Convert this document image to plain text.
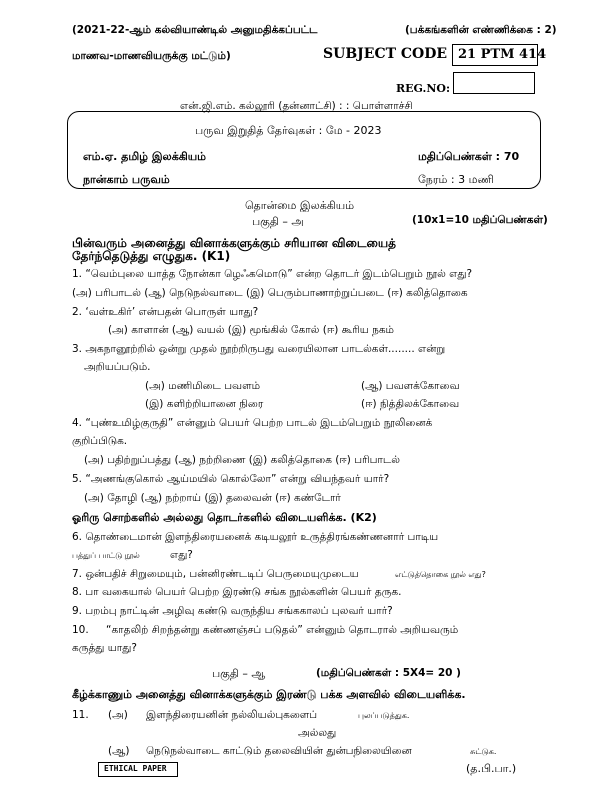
(2021-22-ஆம் கல்வியாண்டில் அனுமதிக்கப்பட்ட	(பக்கங்களின் எண்ணிக்கை : 2)
மாணவ-மாணவியருக்கு மட்டும்)	SUBJECT CODE 21 PTM 414
REG.NO:
என்.ஜி.எம். கல்லூரி (தன்னாட்சி) : : பொள்ளாச்சி
பருவ இறுதித் தேர்வுகள் : மே - 2023
எம்.ஏ. தமிழ் இலக்கியம்	மதிப்பெண்கள் : 70
நான்காம் பருவம்	நேரம் : 3 மணி
தொன்மை இலக்கியம்
பகுதி – அ	(10x1=10 மதிப்பெண்கள்)
பின்வரும் அனைத்து வினாக்களுக்கும் சரியான விடையைத்
தேர்ந்தெடுத்து எழுதுக. (K1)
1. “வெம்புலை யாத்த நோன்கா ழெஃகமொடு” என்ற தொடர் இடம்பெறும் நூல் எது?
(அ) பரிபாடல் (ஆ) நெடுநல்வாடை (இ) பெரும்பாணாற்றுப்படை (ஈ) கலித்தொகை
2. ‘வள்உகிர்’ என்பதன் பொருள் யாது?
(அ) காளான் (ஆ) வயல் (இ) மூங்கில் கோல் (ஈ) கூரிய நகம்
3. அகநானூற்றில் ஒன்று முதல் நூற்றிருபது வரையிலான பாடல்கள்........ என்று
அறியப்படும்.
(அ) மணிமிடை பவளம்	(ஆ) பவளக்கோவை
(இ) களிற்றியானை நிரை	(ஈ) நித்திலக்கோவை
4. “புண்உமிழ்குருதி” என்னும் பெயர் பெற்ற பாடல் இடம்பெறும் நூலினைக்
குறிப்பிடுக.
(அ) பதிற்றுப்பத்து (ஆ) நற்றிணை (இ) கலித்தொகை (ஈ) பரிபாடல்
5. “அணங்குகொல் ஆய்மயில் கொல்லோ” என்று வியந்தவர் யார்?
(அ) தோழி (ஆ) நற்றாய் (இ) தலைவன் (ஈ) கண்டோர்
ஓரிரு சொற்களில் அல்லது தொடர்களில் விடையளிக்க. (K2)
6. தொண்டைமான் இளந்திரையனைக் கடியலூர் உருத்திரங்கண்ணனார் பாடிய
பத்துப் பாட்டு நூல்	எது?
7. ஒன்பதிச் சிறுமையும், பன்னிரண்டடிப் பெருமையுமுடைய	எட்டுத்தொகை நூல் எது?
8. பா வகையால் பெயர் பெற்ற இரண்டு சங்க நூல்களின் பெயர் தருக.
9. பறம்பு நாட்டின் அழிவு கண்டு வருந்திய சங்ககாலப் புலவர் யார்?
10. “காதலிற் சிறந்தன்று கண்ணஞ்சப் படுதல்” என்னும் தொடரால் அறியவரும்
கருத்து யாது?
பகுதி – ஆ	(மதிப்பெண்கள் : 5X4= 20 )
கீழ்க்காணும் அனைத்து வினாக்களுக்கும் இரண்டு பக்க அளவில் விடையளிக்க.
11. (அ) இளந்திரையனின் நல்லியல்புகளைப்	புலப்படுத்துக.
அல்லது
(ஆ) நெடுநல்வாடை காட்டும் தலைவியின் துன்பநிலையினை	சுட்டுக.
ETHICAL PAPER	(த.பி.பா.)
